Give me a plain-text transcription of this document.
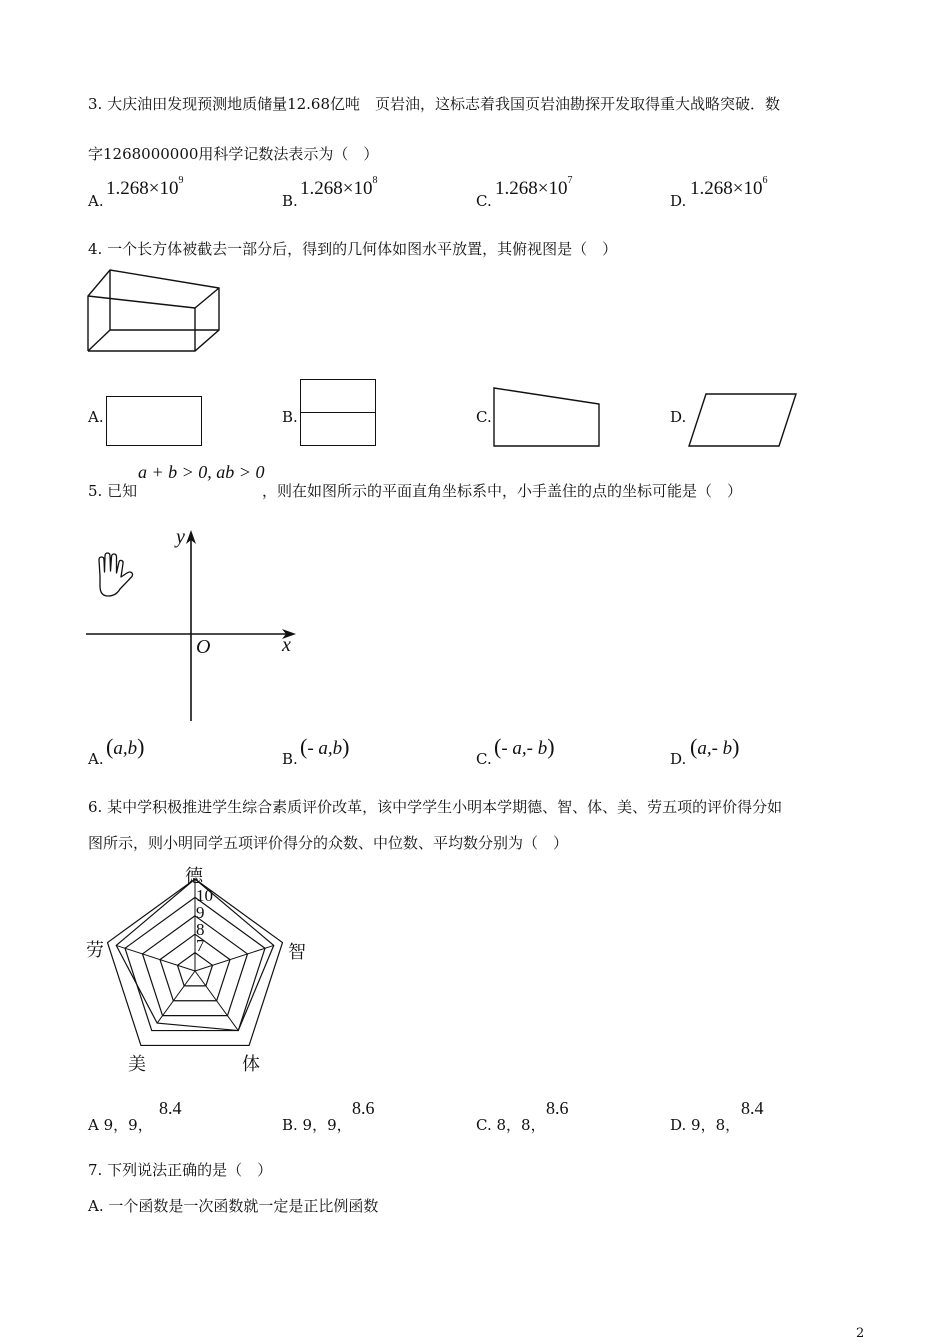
3. 大庆油田发现预测地质储量12.68亿吨　页岩油，这标志着我国页岩油勘探开发取得重大战略突破．数
字1268000000用科学记数法表示为（　）
A.
$1.268\times 10^9$
B.
$1.268\times 10^8$
C.
$1.268\times 10^7$
D.
$1.268\times 10^6$
4. 一个长方体被截去一部分后，得到的几何体如图水平放置，其俯视图是（　）
A.	B.	C.	D.
5. 已知
a + b > 0, ab > 0
，则在如图所示的平面直角坐标系中，小手盖住的点的坐标可能是（　）
y
x
O
A. (a,b)	B. (- a,b)	C. (- a,- b)	D. (a,- b)
6. 某中学积极推进学生综合素质评价改革，该中学学生小明本学期德、智、体、美、劳五项的评价得分如
图所示，则小明同学五项评价得分的众数、中位数、平均数分别为（　）
德
智
体
美
劳
10
9
8
7
A 9，9，
8.4
B. 9，9，
8.6
C. 8，8，
8.6
D. 9，8，
8.4
7. 下列说法正确的是（　）
A. 一个函数是一次函数就一定是正比例函数
2
